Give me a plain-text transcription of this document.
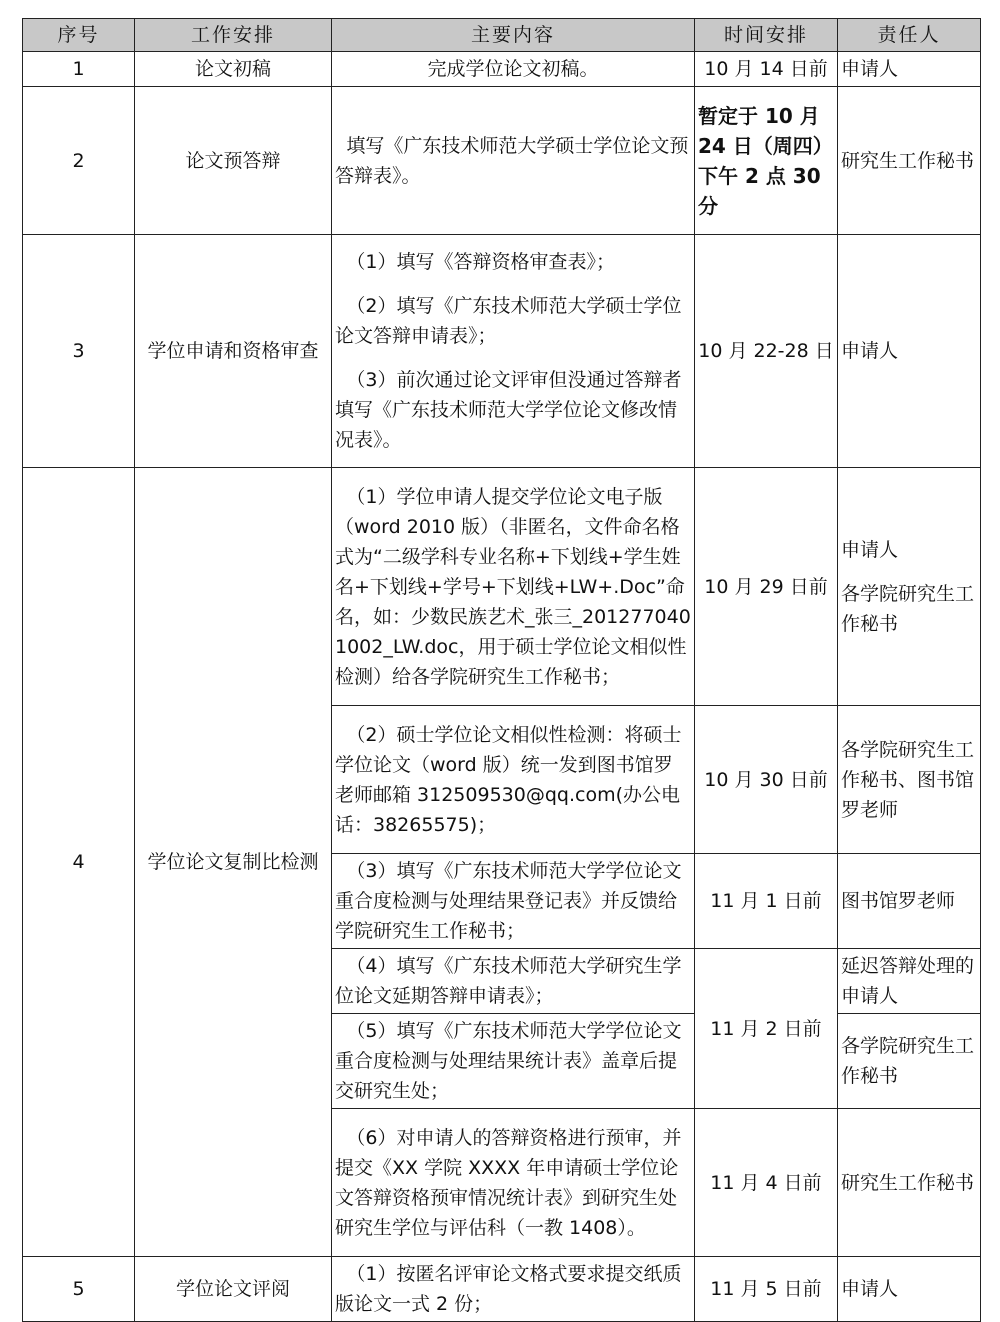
序号	工作安排	主要内容	时间安排	责任人
1	论文初稿	完成学位论文初稿。	10 月 14 日前	申请人
2	论文预答辩	填写《广东技术师范大学硕士学位论文预答辩表》。	暂定于 10 月 24 日（周四）下午 2 点 30 分	研究生工作秘书
3	学位申请和资格审查	（1）填写《答辩资格审查表》；
（2）填写《广东技术师范大学硕士学位论文答辩申请表》；
（3）前次通过论文评审但没通过答辩者填写《广东技术师范大学学位论文修改情况表》。	10 月 22-28 日	申请人
4	学位论文复制比检测	（1）学位申请人提交学位论文电子版（word 2010 版）（非匿名，文件命名格式为“二级学科专业名称+下划线+学生姓名+下划线+学号+下划线+LW+.Doc”命名，如：少数民族艺术_张三_2012770401002_LW.doc，用于硕士学位论文相似性检测）给各学院研究生工作秘书；	10 月 29 日前	申请人
各学院研究生工作秘书

		（2）硕士学位论文相似性检测：将硕士学位论文（word 版）统一发到图书馆罗老师邮箱 312509530@qq.com(办公电话：38265575)；	10 月 30 日前	各学院研究生工作秘书、图书馆罗老师
		（3）填写《广东技术师范大学学位论文重合度检测与处理结果登记表》并反馈给学院研究生工作秘书；	11 月 1 日前	图书馆罗老师
		（4）填写《广东技术师范大学研究生学位论文延期答辩申请表》；	11 月 2 日前	延迟答辩处理的申请人
		（5）填写《广东技术师范大学学位论文重合度检测与处理结果统计表》盖章后提交研究生处；		各学院研究生工作秘书
		（6）对申请人的答辩资格进行预审，并提交《XX 学院 XXXX 年申请硕士学位论文答辩资格预审情况统计表》到研究生处研究生学位与评估科（一教 1408）。	11 月 4 日前	研究生工作秘书
5	学位论文评阅	（1）按匿名评审论文格式要求提交纸质版论文一式 2 份；	11 月 5 日前	申请人
